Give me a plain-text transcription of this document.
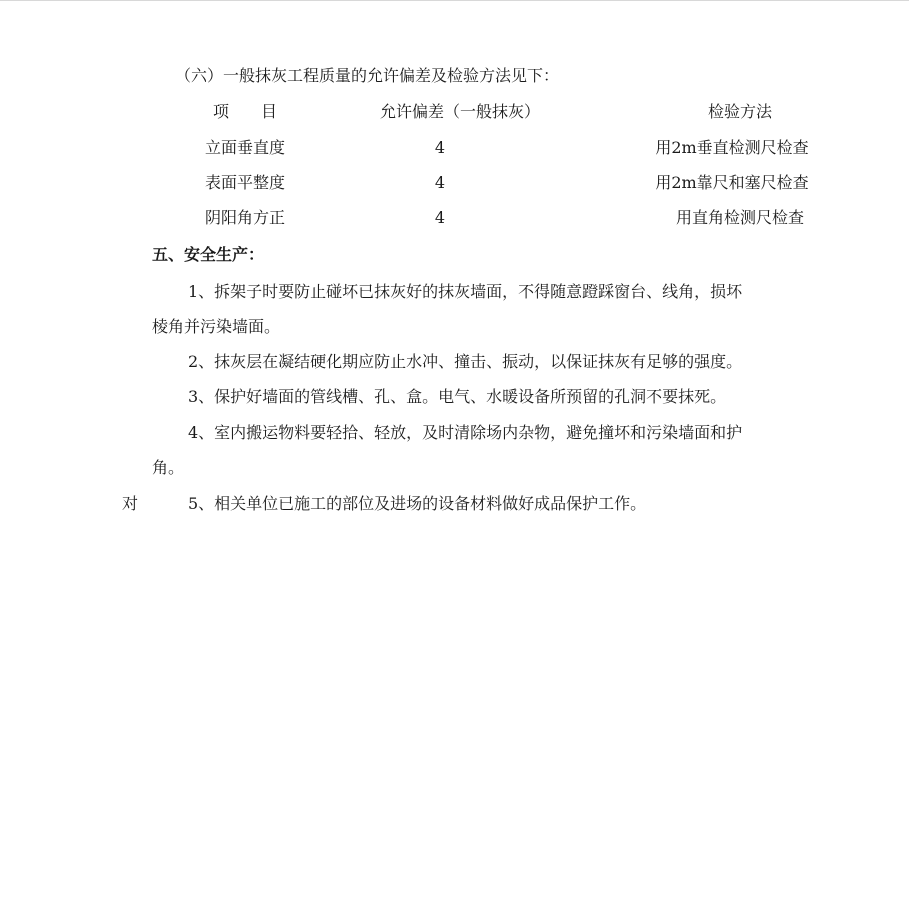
（六）一般抹灰工程质量的允许偏差及检验方法见下：
项　　目	允许偏差（一般抹灰）	检验方法
立面垂直度	4	用2m垂直检测尺检查
表面平整度	4	用2m靠尺和塞尺检查
阴阳角方正	4	用直角检测尺检查
五、安全生产：
1、拆架子时要防止碰坏已抹灰好的抹灰墙面，不得随意蹬踩窗台、线角，损坏
棱角并污染墙面。
2、抹灰层在凝结硬化期应防止水冲、撞击、振动，以保证抹灰有足够的强度。
3、保护好墙面的管线槽、孔、盒。电气、水暖设备所预留的孔洞不要抹死。
4、室内搬运物料要轻拾、轻放，及时清除场内杂物，避免撞坏和污染墙面和护
角。
对	5、相关单位已施工的部位及进场的设备材料做好成品保护工作。
